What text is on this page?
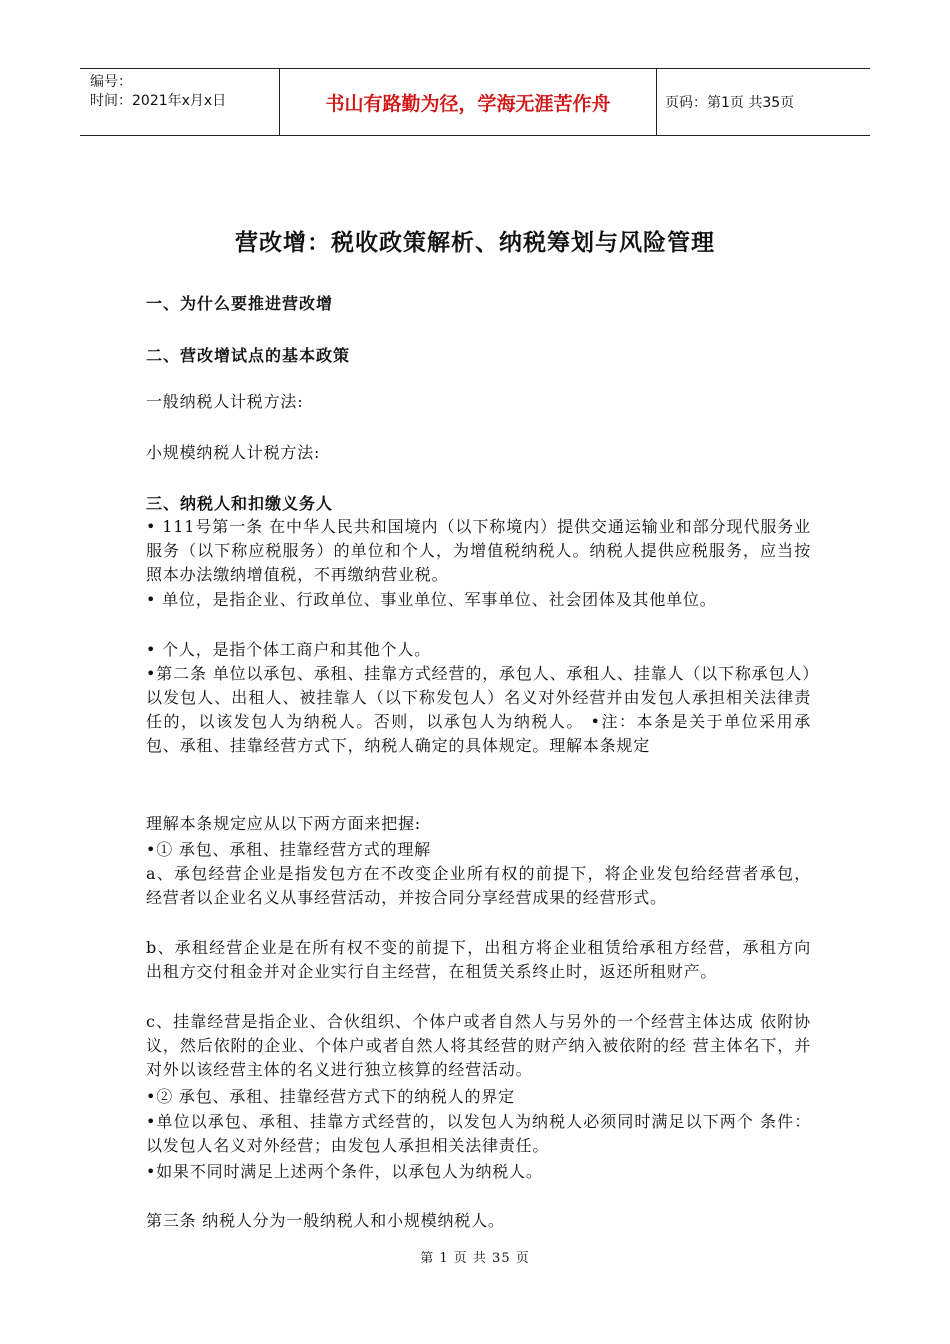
编号：
时间：2021年x月x日	书山有路勤为径，学海无涯苦作舟	页码：第1页 共35页
营改增：税收政策解析、纳税筹划与风险管理
一、为什么要推进营改增
二、营改增试点的基本政策
一般纳税人计税方法:
小规模纳税人计税方法:
三、纳税人和扣缴义务人
• 111号第一条 在中华人民共和国境内（以下称境内）提供交通运输业和部分现代服务业服务（以下称应税服务）的单位和个人，为增值税纳税人。纳税人提供应税服务，应当按照本办法缴纳增值税，不再缴纳营业税。
• 单位，是指企业、行政单位、事业单位、军事单位、社会团体及其他单位。
• 个人，是指个体工商户和其他个人。
•第二条 单位以承包、承租、挂靠方式经营的，承包人、承租人、挂靠人（以下称承包人）以发包人、出租人、被挂靠人（以下称发包人）名义对外经营并由发包人承担相关法律责任的，以该发包人为纳税人。否则，以承包人为纳税人。 •注：本条是关于单位采用承包、承租、挂靠经营方式下，纳税人确定的具体规定。理解本条规定
理解本条规定应从以下两方面来把握:
•① 承包、承租、挂靠经营方式的理解
a、承包经营企业是指发包方在不改变企业所有权的前提下，将企业发包给经营者承包，经营者以企业名义从事经营活动，并按合同分享经营成果的经营形式。
b、承租经营企业是在所有权不变的前提下，出租方将企业租赁给承租方经营，承租方向出租方交付租金并对企业实行自主经营，在租赁关系终止时，返还所租财产。
c、挂靠经营是指企业、合伙组织、个体户或者自然人与另外的一个经营主体达成 依附协议，然后依附的企业、个体户或者自然人将其经营的财产纳入被依附的经 营主体名下，并对外以该经营主体的名义进行独立核算的经营活动。
•② 承包、承租、挂靠经营方式下的纳税人的界定
•单位以承包、承租、挂靠方式经营的，以发包人为纳税人必须同时满足以下两个 条件：以发包人名义对外经营；由发包人承担相关法律责任。
•如果不同时满足上述两个条件，以承包人为纳税人。
第三条 纳税人分为一般纳税人和小规模纳税人。
第 1 页 共 35 页
